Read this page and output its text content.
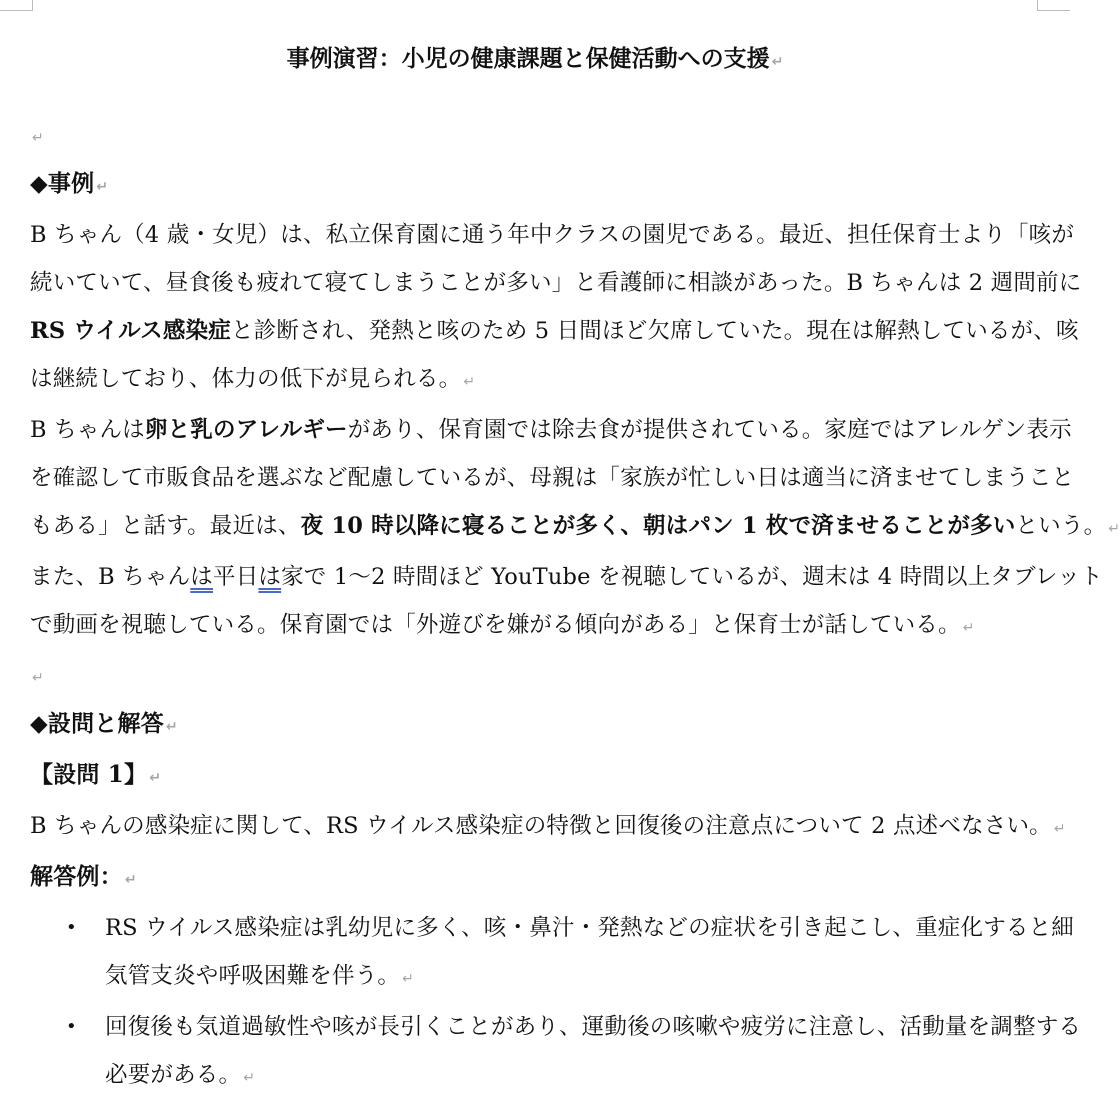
事例演習：小児の健康課題と保健活動への支援 ↵
↵
◆事例 ↵
B ちゃん（4 歳・女児）は、私立保育園に通う年中クラスの園児である。最近、担任保育士より「咳が
続いていて、昼食後も疲れて寝てしまうことが多い」と看護師に相談があった。B ちゃんは 2 週間前に
RS ウイルス感染症と診断され、発熱と咳のため 5 日間ほど欠席していた。現在は解熱しているが、咳
は継続しており、体力の低下が見られる。 ↵
B ちゃんは卵と乳のアレルギーがあり、保育園では除去食が提供されている。家庭ではアレルゲン表示
を確認して市販食品を選ぶなど配慮しているが、母親は「家族が忙しい日は適当に済ませてしまうこと
もある」と話す。最近は、夜 10 時以降に寝ることが多く、朝はパン 1 枚で済ませることが多いという。 ↵
また、B ちゃんは平日は家で 1〜2 時間ほど YouTube を視聴しているが、週末は 4 時間以上タブレット
で動画を視聴している。保育園では「外遊びを嫌がる傾向がある」と保育士が話している。 ↵
↵
◆設問と解答 ↵
【設問 1】 ↵
B ちゃんの感染症に関して、RS ウイルス感染症の特徴と回復後の注意点について 2 点述べなさい。 ↵
解答例： ↵
• RS ウイルス感染症は乳幼児に多く、咳・鼻汁・発熱などの症状を引き起こし、重症化すると細
気管支炎や呼吸困難を伴う。 ↵
• 回復後も気道過敏性や咳が長引くことがあり、運動後の咳嗽や疲労に注意し、活動量を調整する
必要がある。 ↵
